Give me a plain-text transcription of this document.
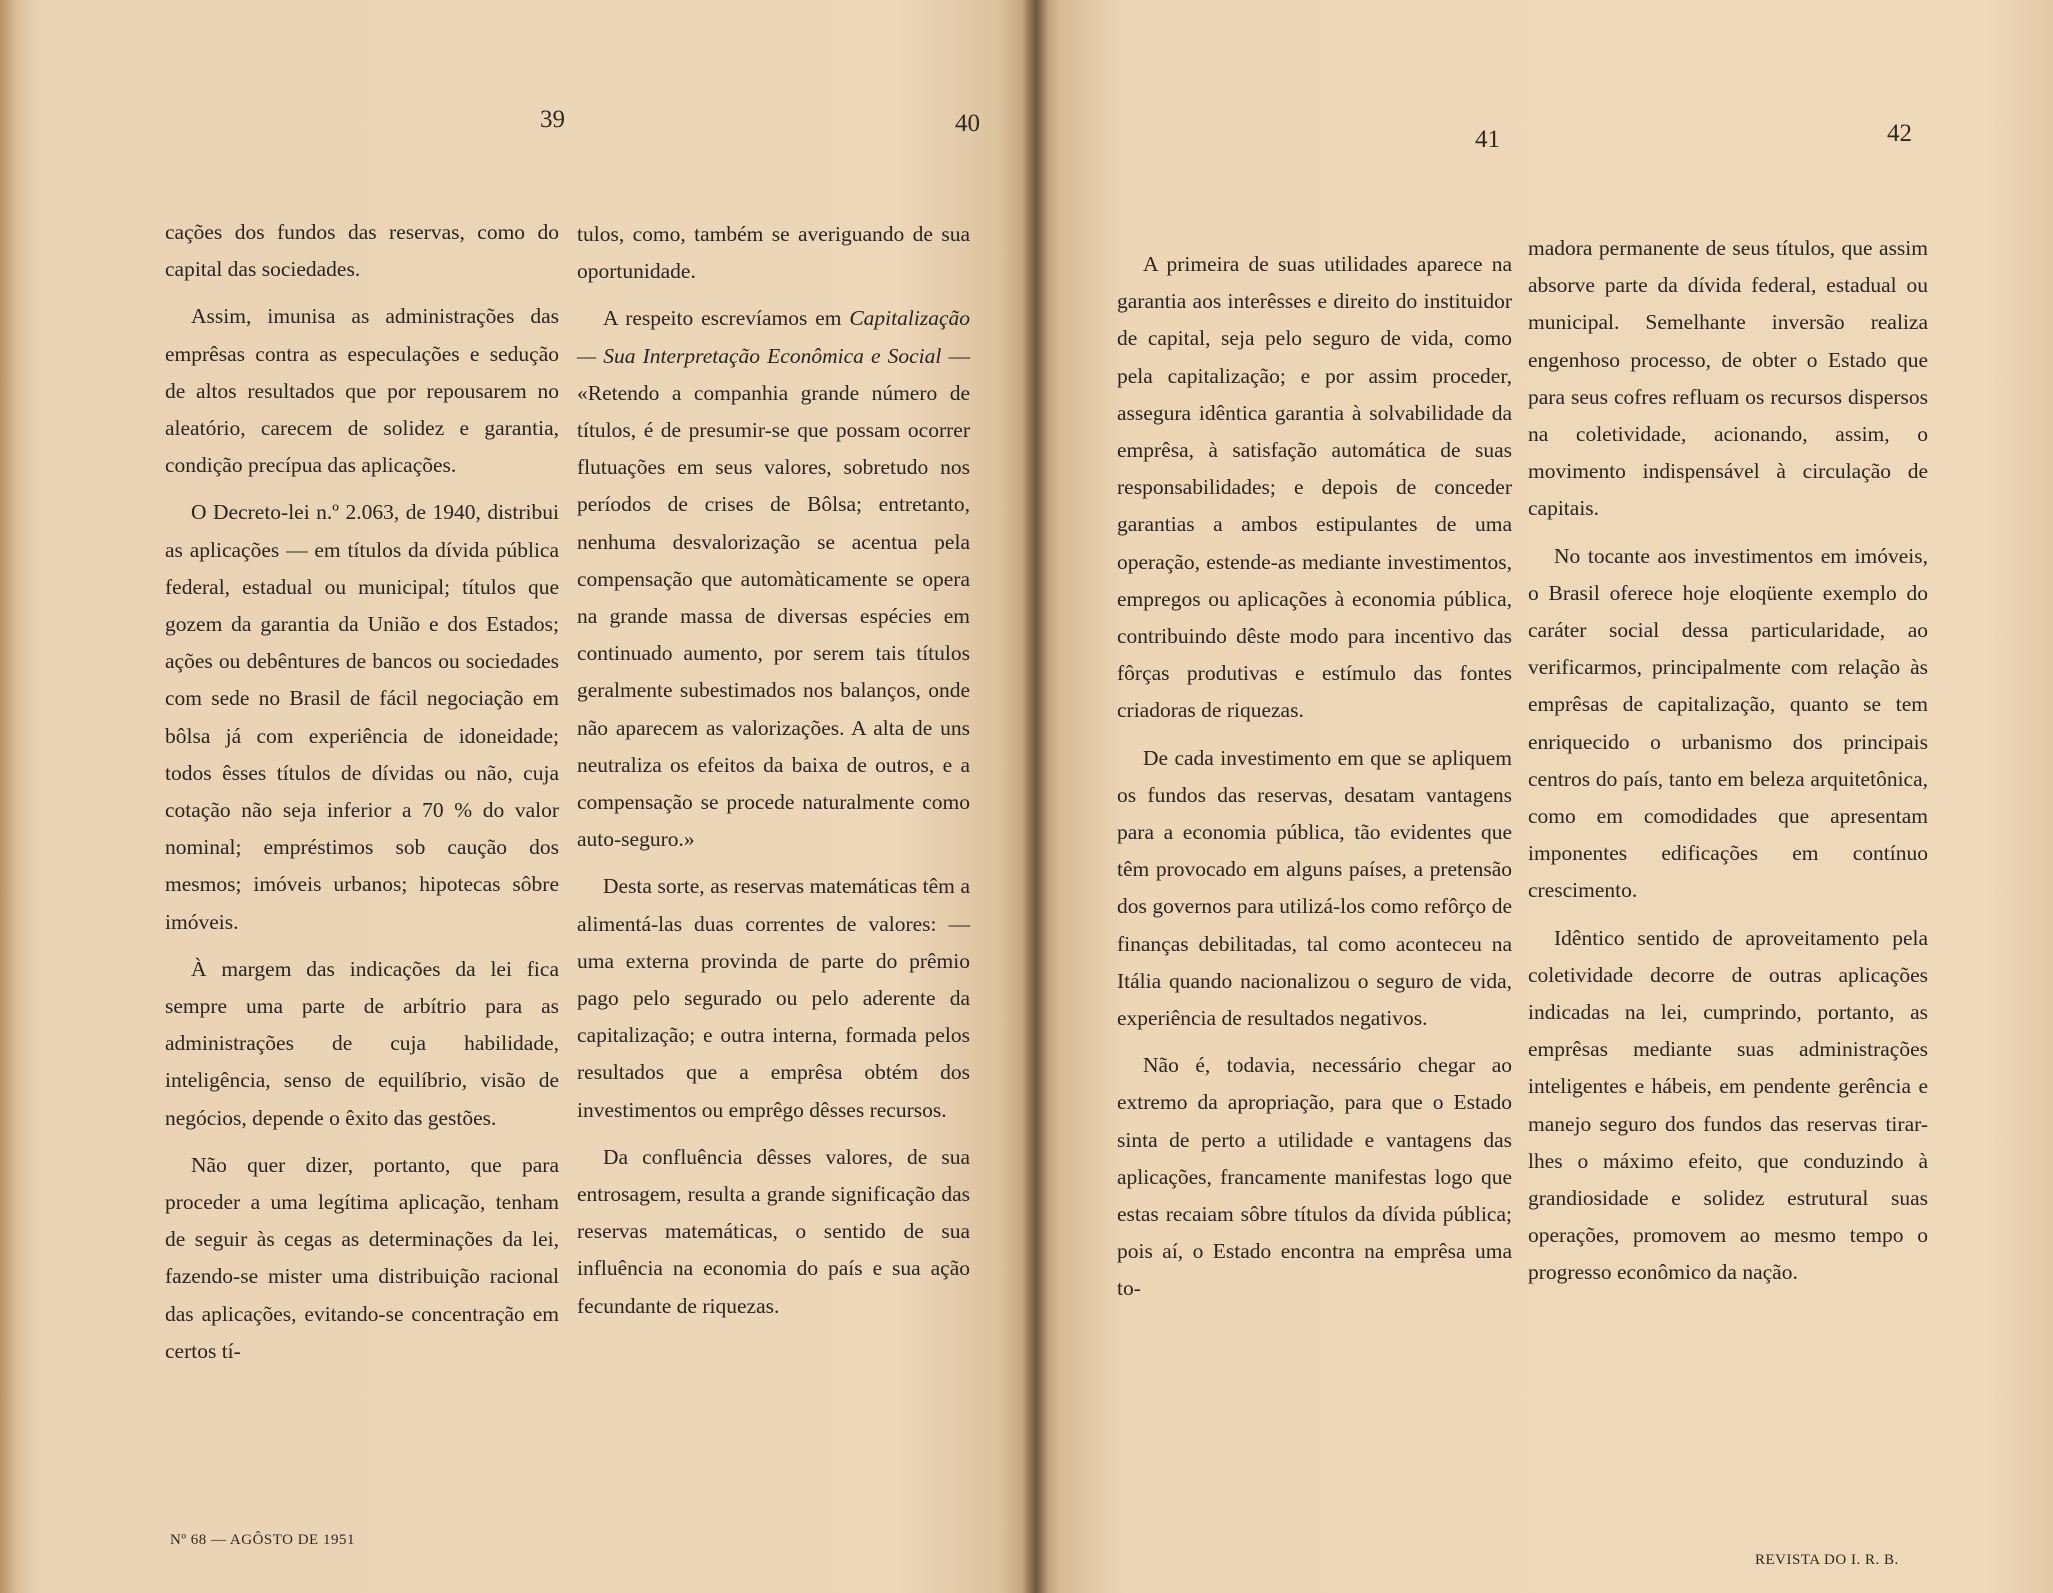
39	40

cações dos fundos das reservas, como do capital das sociedades.

Assim, imunisa as administrações das emprêsas contra as especulações e sedução de altos resultados que por repousarem no aleatório, carecem de solidez e garantia, condição precípua das aplicações.

O Decreto-lei n.º 2.063, de 1940, distribui as aplicações — em títulos da dívida pública federal, estadual ou municipal; títulos que gozem da garantia da União e dos Estados; ações ou debêntures de bancos ou sociedades com sede no Brasil de fácil negociação em bôlsa já com experiência de idoneidade; todos êsses títulos de dívidas ou não, cuja cotação não seja inferior a 70 % do valor nominal; empréstimos sob caução dos mesmos; imóveis urbanos; hipotecas sôbre imóveis.

À margem das indicações da lei fica sempre uma parte de arbítrio para as administrações de cuja habilidade, inteligência, senso de equilíbrio, visão de negócios, depende o êxito das gestões.

Não quer dizer, portanto, que para proceder a uma legítima aplicação, tenham de seguir às cegas as determinações da lei, fazendo-se mister uma distribuição racional das aplicações, evitando-se concentração em certos tí-

tulos, como, também se averiguando de sua oportunidade.

A respeito escrevíamos em Capitalização — Sua Interpretação Econômica e Social — «Retendo a companhia grande número de títulos, é de presumir-se que possam ocorrer flutuações em seus valores, sobretudo nos períodos de crises de Bôlsa; entretanto, nenhuma desvalorização se acentua pela compensação que automàticamente se opera na grande massa de diversas espécies em continuado aumento, por serem tais títulos geralmente subestimados nos balanços, onde não aparecem as valorizações. A alta de uns neutraliza os efeitos da baixa de outros, e a compensação se procede naturalmente como auto-seguro.»

Desta sorte, as reservas matemáticas têm a alimentá-las duas correntes de valores: — uma externa provinda de parte do prêmio pago pelo segurado ou pelo aderente da capitalização; e outra interna, formada pelos resultados que a emprêsa obtém dos investimentos ou emprêgo dêsses recursos.

Da confluência dêsses valores, de sua entrosagem, resulta a grande significação das reservas matemáticas, o sentido de sua influência na economia do país e sua ação fecundante de riquezas.

Nº 68 — AGÔSTO DE 1951
41	42

A primeira de suas utilidades aparece na garantia aos interêsses e direito do instituidor de capital, seja pelo seguro de vida, como pela capitalização; e por assim proceder, assegura idêntica garantia à solvabilidade da emprêsa, à satisfação automática de suas responsabilidades; e depois de conceder garantias a ambos estipulantes de uma operação, estende-as mediante investimentos, empregos ou aplicações à economia pública, contribuindo dêste modo para incentivo das fôrças produtivas e estímulo das fontes criadoras de riquezas.

De cada investimento em que se apliquem os fundos das reservas, desatam vantagens para a economia pública, tão evidentes que têm provocado em alguns países, a pretensão dos governos para utilizá-los como refôrço de finanças debilitadas, tal como aconteceu na Itália quando nacionalizou o seguro de vida, experiência de resultados negativos.

Não é, todavia, necessário chegar ao extremo da apropriação, para que o Estado sinta de perto a utilidade e vantagens das aplicações, francamente manifestas logo que estas recaiam sôbre títulos da dívida pública; pois aí, o Estado encontra na emprêsa uma to-

madora permanente de seus títulos, que assim absorve parte da dívida federal, estadual ou municipal. Semelhante inversão realiza engenhoso processo, de obter o Estado que para seus cofres refluam os recursos dispersos na coletividade, acionando, assim, o movimento indispensável à circulação de capitais.

No tocante aos investimentos em imóveis, o Brasil oferece hoje eloqüente exemplo do caráter social dessa particularidade, ao verificarmos, principalmente com relação às emprêsas de capitalização, quanto se tem enriquecido o urbanismo dos principais centros do país, tanto em beleza arquitetônica, como em comodidades que apresentam imponentes edificações em contínuo crescimento.

Idêntico sentido de aproveitamento pela coletividade decorre de outras aplicações indicadas na lei, cumprindo, portanto, as emprêsas mediante suas administrações inteligentes e hábeis, em pendente gerência e manejo seguro dos fundos das reservas tirar-lhes o máximo efeito, que conduzindo à grandiosidade e solidez estrutural suas operações, promovem ao mesmo tempo o progresso econômico da nação.

REVISTA DO I. R. B.
